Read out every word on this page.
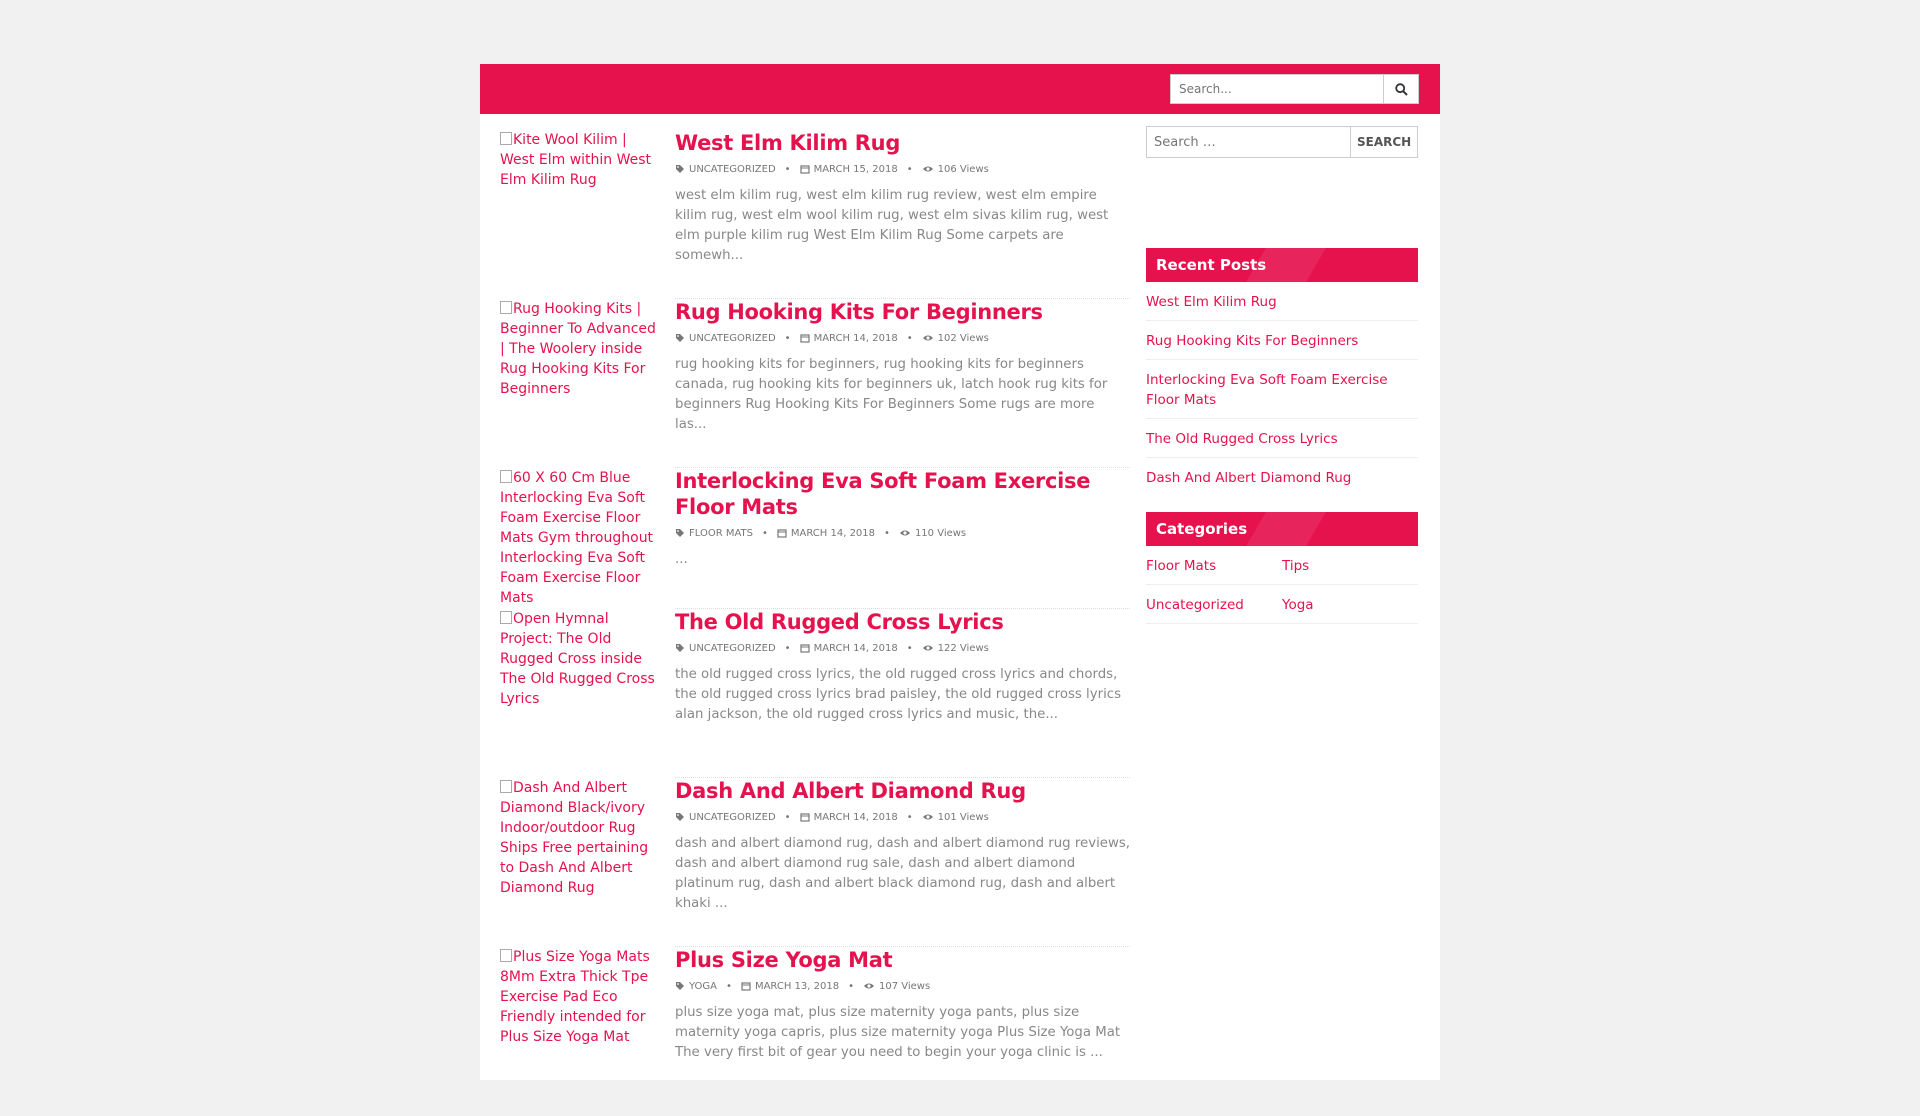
Search...
Kite Wool Kilim | West Elm within West Elm Kilim Rug
West Elm Kilim Rug
UNCATEGORIZED • MARCH 15, 2018 •	106 Views
west elm kilim rug, west elm kilim rug review, west elm empire kilim rug, west elm wool kilim rug, west elm sivas kilim rug, west elm purple kilim rug West Elm Kilim Rug Some carpets are somewh...
Rug Hooking Kits | Beginner To Advanced | The Woolery inside Rug Hooking Kits For Beginners
Rug Hooking Kits For Beginners
UNCATEGORIZED • MARCH 14, 2018 •	102 Views
rug hooking kits for beginners, rug hooking kits for beginners canada, rug hooking kits for beginners uk, latch hook rug kits for beginners Rug Hooking Kits For Beginners Some rugs are more las...
60 X 60 Cm Blue Interlocking Eva Soft Foam Exercise Floor Mats Gym throughout Interlocking Eva Soft Foam Exercise Floor Mats
Interlocking Eva Soft Foam Exercise Floor Mats
FLOOR MATS • MARCH 14, 2018 •	110 Views
...
Open Hymnal Project: The Old Rugged Cross inside The Old Rugged Cross Lyrics
The Old Rugged Cross Lyrics
UNCATEGORIZED • MARCH 14, 2018 •	122 Views
the old rugged cross lyrics, the old rugged cross lyrics and chords, the old rugged cross lyrics brad paisley, the old rugged cross lyrics alan jackson, the old rugged cross lyrics and music, the...
Dash And Albert Diamond Black/ivory Indoor/outdoor Rug Ships Free pertaining to Dash And Albert Diamond Rug
Dash And Albert Diamond Rug
UNCATEGORIZED • MARCH 14, 2018 •	101 Views
dash and albert diamond rug, dash and albert diamond rug reviews, dash and albert diamond rug sale, dash and albert diamond platinum rug, dash and albert black diamond rug, dash and albert khaki ...
Plus Size Yoga Mats 8Mm Extra Thick Tpe Exercise Pad Eco Friendly intended for Plus Size Yoga Mat
Plus Size Yoga Mat
YOGA • MARCH 13, 2018 •	107 Views
plus size yoga mat, plus size maternity yoga pants, plus size maternity yoga capris, plus size maternity yoga Plus Size Yoga Mat The very first bit of gear you need to begin your yoga clinic is ...
Search …
SEARCH
Recent Posts
West Elm Kilim Rug
Rug Hooking Kits For Beginners
Interlocking Eva Soft Foam Exercise Floor Mats
The Old Rugged Cross Lyrics
Dash And Albert Diamond Rug
Categories
Floor Mats	Tips
Uncategorized	Yoga
